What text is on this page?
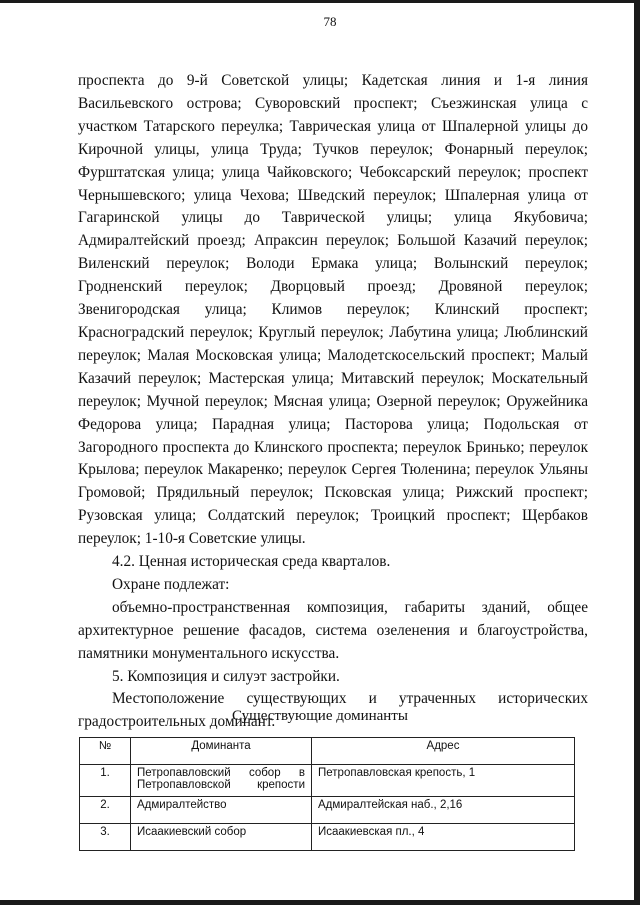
78

проспекта до 9-й Советской улицы; Кадетская линия и 1-я линия Васильевского острова; Суворовский проспект; Съезжинская улица с участком Татарского переулка; Таврическая улица от Шпалерной улицы до Кирочной улицы, улица Труда; Тучков переулок; Фонарный переулок; Фурштатская улица; улица Чайковского; Чебоксарский переулок; проспект Чернышевского; улица Чехова; Шведский переулок; Шпалерная улица от Гагаринской улицы до Таврической улицы; улица Якубовича; Адмиралтейский проезд; Апраксин переулок; Большой Казачий переулок; Виленский переулок; Володи Ермака улица; Волынский переулок; Гродненский переулок; Дворцовый проезд; Дровяной переулок; Звенигородская улица; Климов переулок; Клинский проспект; Красноградский переулок; Круглый переулок; Лабутина улица; Люблинский переулок; Малая Московская улица; Малодетскосельский проспект; Малый Казачий переулок; Мастерская улица; Митавский переулок; Москательный переулок; Мучной переулок; Мясная улица; Озерной переулок; Оружейника Федорова улица; Парадная улица; Пасторова улица; Подольская от Загородного проспекта до Клинского проспекта; переулок Бринько; переулок Крылова; переулок Макаренко; переулок Сергея Тюленина; переулок Ульяны Громовой; Прядильный переулок; Псковская улица; Рижский проспект; Рузовская улица; Солдатский переулок; Троицкий проспект; Щербаков переулок; 1-10-я Советские улицы.

4.2. Ценная историческая среда кварталов.

Охране подлежат:

объемно-пространственная композиция, габариты зданий, общее архитектурное решение фасадов, система озеленения и благоустройства, памятники монументального искусства.

5. Композиция и силуэт застройки.

Местоположение существующих и утраченных исторических градостроительных доминант.

Существующие доминанты
№	Доминанта	Адрес
1.	Петропавловский собор в Петропавловской крепости	Петропавловская крепость, 1
2.	Адмиралтейство	Адмиралтейская наб., 2,16
3.	Исаакиевский собор	Исаакиевская пл., 4
